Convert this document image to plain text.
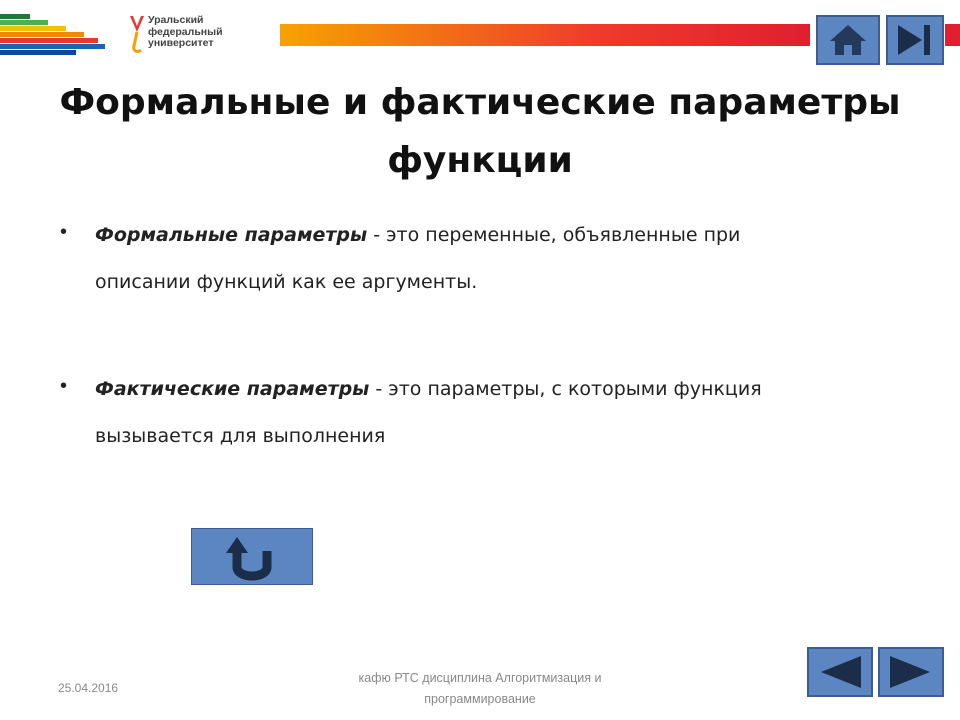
Уральский
федеральный
университет
Формальные и фактические параметры
функции
• Формальные параметры - это переменные, объявленные при
описании функций как ее аргументы.
• Фактические параметры - это параметры, с которыми функция
вызывается для выполнения
25.04.2016
кафю РТС дисциплина Алгоритмизация и
программирование
